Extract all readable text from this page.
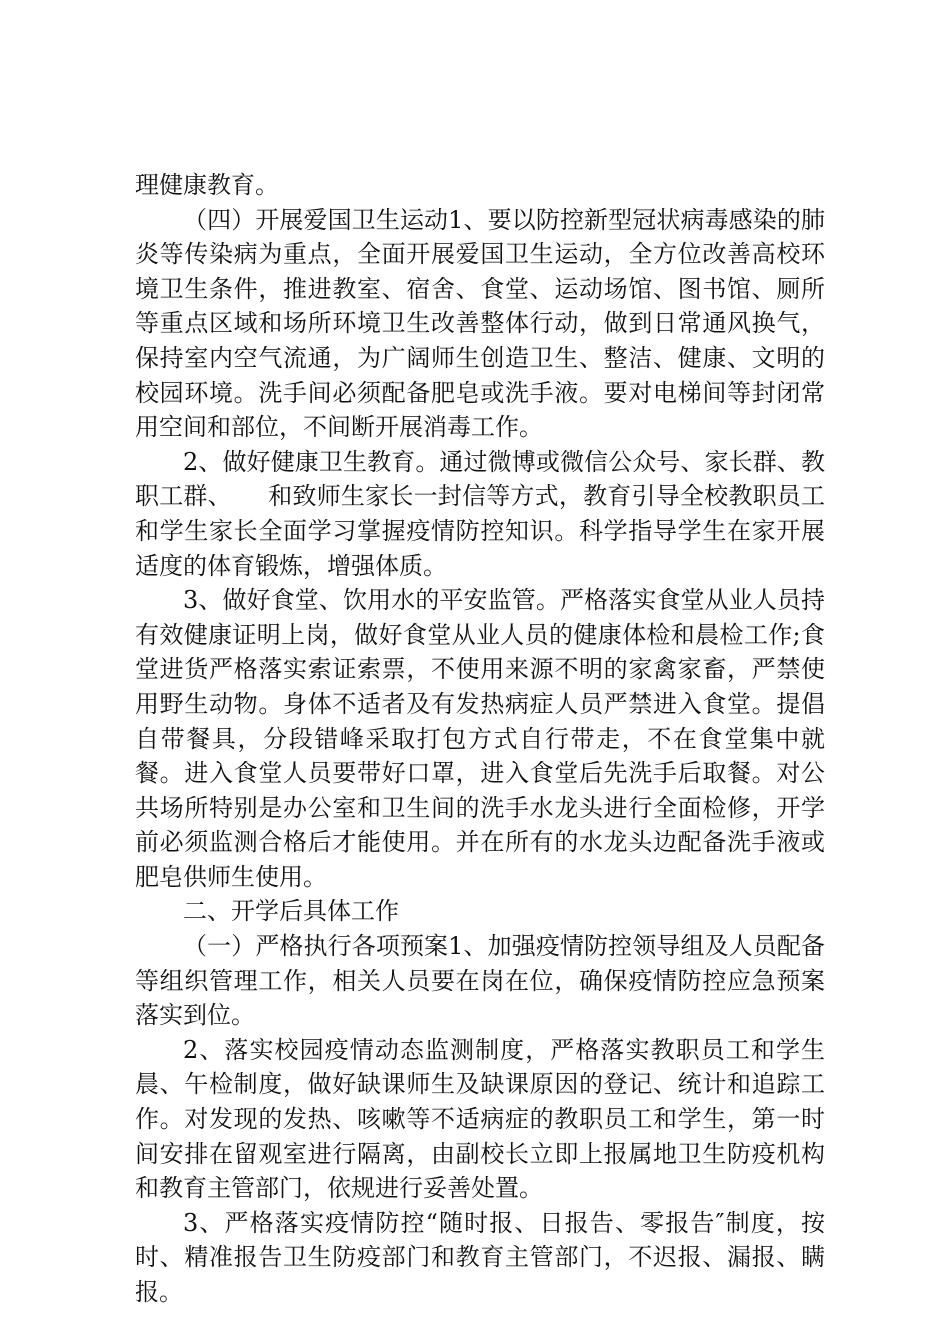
理健康教育。

（四）开展爱国卫生运动1、要以防控新型冠状病毒感染的肺炎等传染病为重点，全面开展爱国卫生运动，全方位改善高校环境卫生条件，推进教室、宿舍、食堂、运动场馆、图书馆、厕所等重点区域和场所环境卫生改善整体行动，做到日常通风换气，保持室内空气流通，为广阔师生创造卫生、整洁、健康、文明的校园环境。洗手间必须配备肥皂或洗手液。要对电梯间等封闭常用空间和部位，不间断开展消毒工作。

2、做好健康卫生教育。通过微博或微信公众号、家长群、教职工群、　　和致师生家长一封信等方式，教育引导全校教职员工和学生家长全面学习掌握疫情防控知识。科学指导学生在家开展适度的体育锻炼，增强体质。

3、做好食堂、饮用水的平安监管。严格落实食堂从业人员持有效健康证明上岗，做好食堂从业人员的健康体检和晨检工作;食堂进货严格落实索证索票，不使用来源不明的家禽家畜，严禁使用野生动物。身体不适者及有发热病症人员严禁进入食堂。提倡自带餐具，分段错峰采取打包方式自行带走，不在食堂集中就餐。进入食堂人员要带好口罩，进入食堂后先洗手后取餐。对公共场所特别是办公室和卫生间的洗手水龙头进行全面检修，开学前必须监测合格后才能使用。并在所有的水龙头边配备洗手液或肥皂供师生使用。

二、开学后具体工作

（一）严格执行各项预案1、加强疫情防控领导组及人员配备等组织管理工作，相关人员要在岗在位，确保疫情防控应急预案落实到位。

2、落实校园疫情动态监测制度，严格落实教职员工和学生晨、午检制度，做好缺课师生及缺课原因的登记、统计和追踪工作。对发现的发热、咳嗽等不适病症的教职员工和学生，第一时间安排在留观室进行隔离，由副校长立即上报属地卫生防疫机构和教育主管部门，依规进行妥善处置。

3、严格落实疫情防控“随时报、日报告、零报告″制度，按时、精准报告卫生防疫部门和教育主管部门，不迟报、漏报、瞒报。
